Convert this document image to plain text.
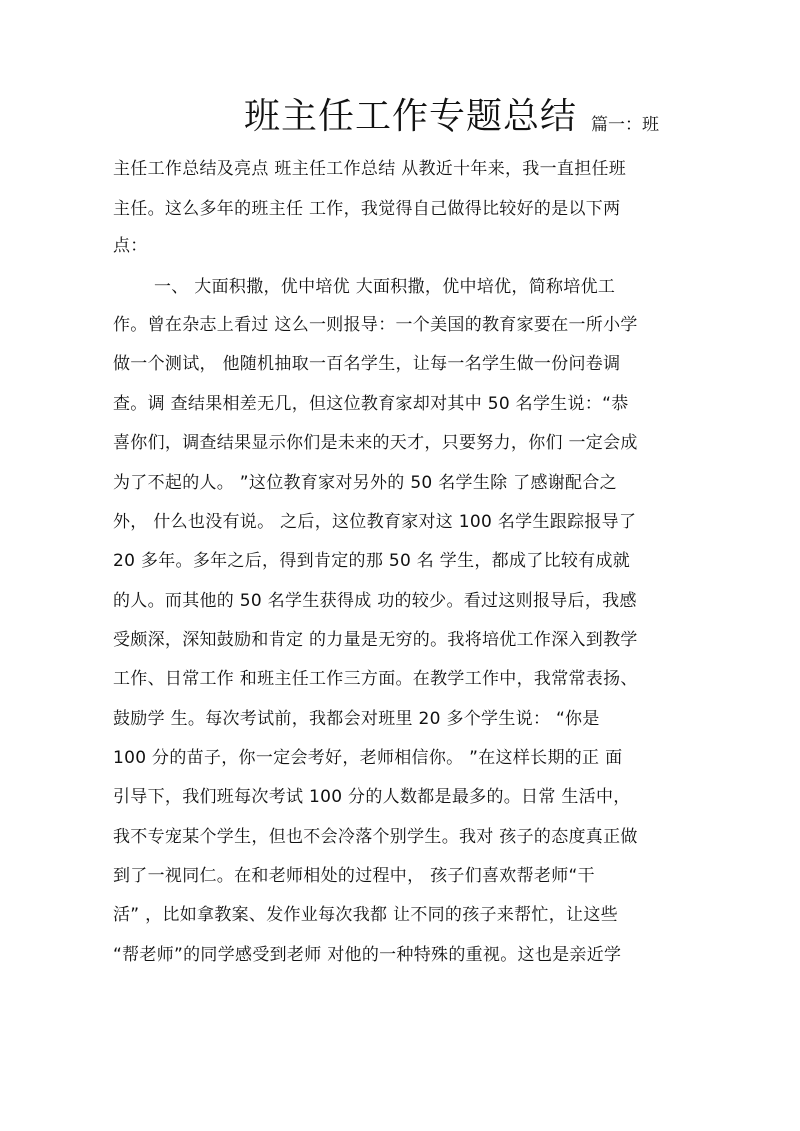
班主任工作专题总结 篇一：班
主任工作总结及亮点 班主任工作总结 从教近十年来，我一直担任班
主任。这么多年的班主任 工作，我觉得自己做得比较好的是以下两
点：
一、 大面积撒，优中培优 大面积撒，优中培优，简称培优工
作。曾在杂志上看过 这么一则报导：一个美国的教育家要在一所小学
做一个测试， 他随机抽取一百名学生，让每一名学生做一份问卷调
查。调 查结果相差无几，但这位教育家却对其中 50 名学生说：“恭
喜你们，调查结果显示你们是未来的天才，只要努力，你们 一定会成
为了不起的人。 ”这位教育家对另外的 50 名学生除 了感谢配合之
外， 什么也没有说。 之后，这位教育家对这 100 名学生跟踪报导了
20 多年。多年之后，得到肯定的那 50 名 学生，都成了比较有成就
的人。而其他的 50 名学生获得成 功的较少。看过这则报导后，我感
受颇深，深知鼓励和肯定 的力量是无穷的。我将培优工作深入到教学
工作、日常工作 和班主任工作三方面。在教学工作中，我常常表扬、
鼓励学 生。每次考试前，我都会对班里 20 多个学生说： “你是
100 分的苗子，你一定会考好，老师相信你。 ”在这样长期的正 面
引导下，我们班每次考试 100 分的人数都是最多的。日常 生活中，
我不专宠某个学生，但也不会冷落个别学生。我对 孩子的态度真正做
到了一视同仁。在和老师相处的过程中， 孩子们喜欢帮老师“干
活” ，比如拿教案、发作业每次我都 让不同的孩子来帮忙，让这些
“帮老师”的同学感受到老师 对他的一种特殊的重视。这也是亲近学
